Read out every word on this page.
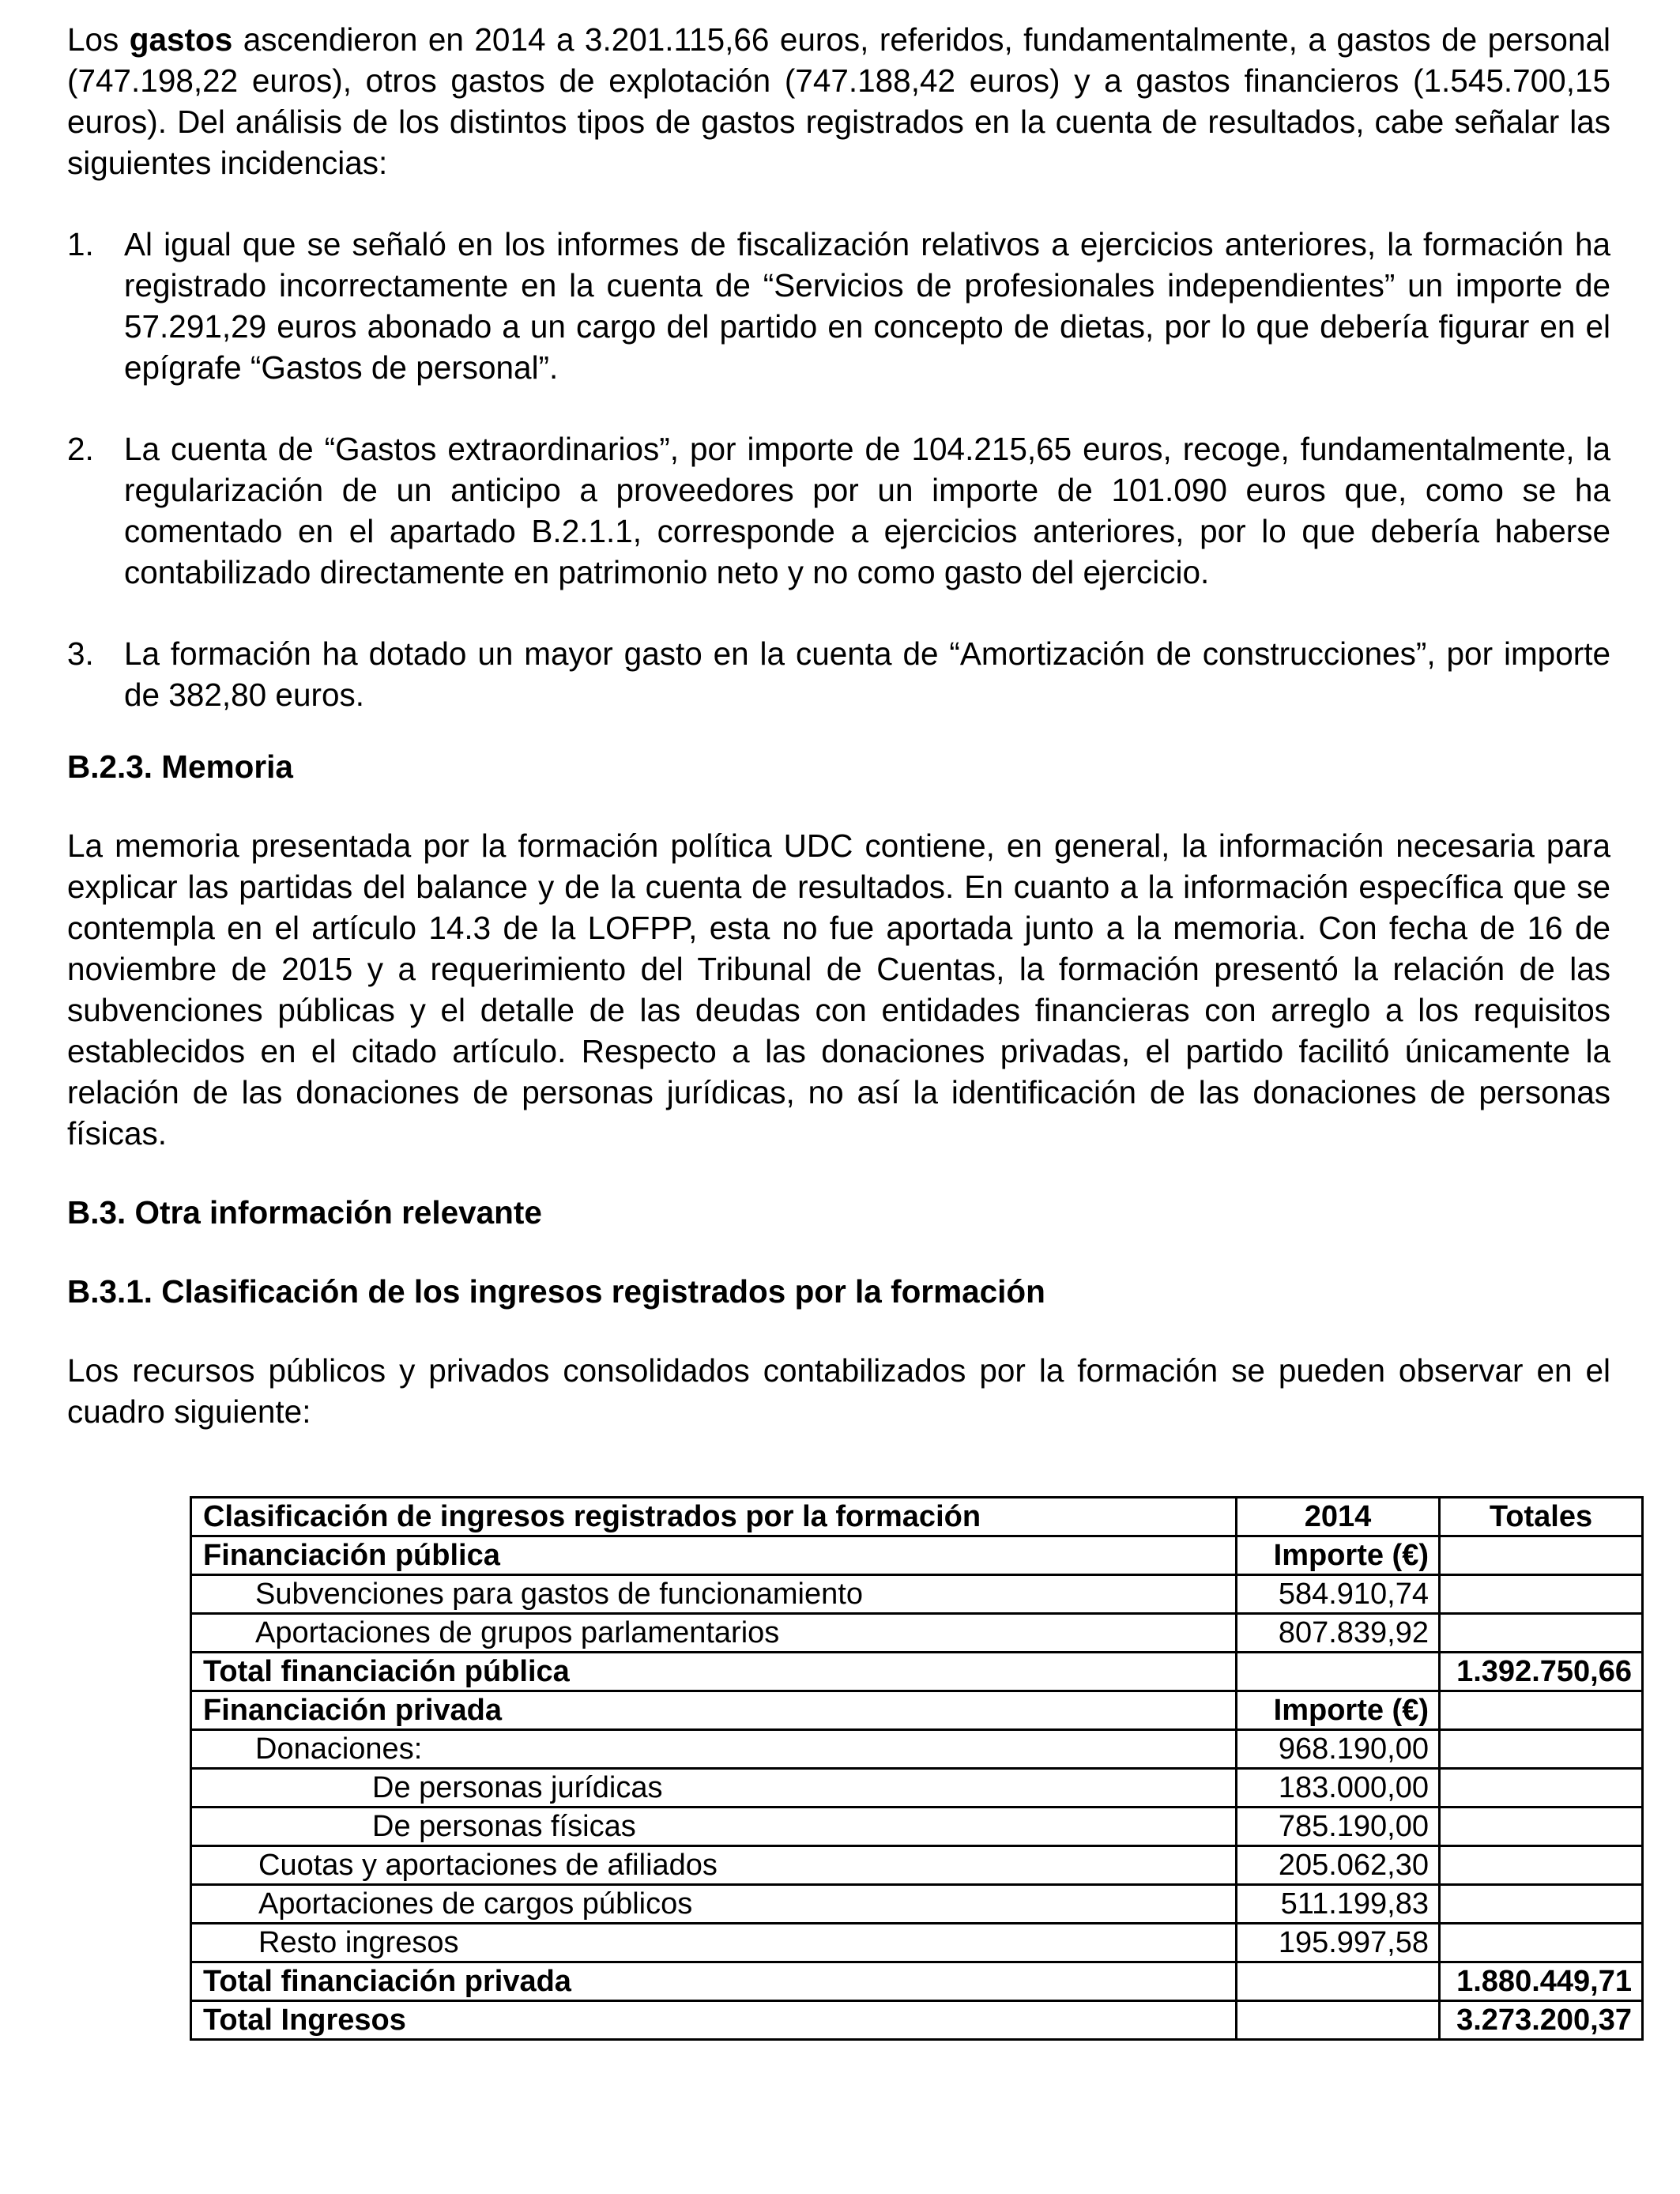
Los gastos ascendieron en 2014 a 3.201.115,66 euros, referidos, fundamentalmente, a gastos de personal (747.198,22 euros), otros gastos de explotación (747.188,42 euros) y a gastos financieros (1.545.700,15 euros). Del análisis de los distintos tipos de gastos registrados en la cuenta de resultados, cabe señalar las siguientes incidencias:

1. Al igual que se señaló en los informes de fiscalización relativos a ejercicios anteriores, la formación ha registrado incorrectamente en la cuenta de “Servicios de profesionales independientes” un importe de 57.291,29 euros abonado a un cargo del partido en concepto de dietas, por lo que debería figurar en el epígrafe “Gastos de personal”.

2. La cuenta de “Gastos extraordinarios”, por importe de 104.215,65 euros, recoge, fundamentalmente, la regularización de un anticipo a proveedores por un importe de 101.090 euros que, como se ha comentado en el apartado B.2.1.1, corresponde a ejercicios anteriores, por lo que debería haberse contabilizado directamente en patrimonio neto y no como gasto del ejercicio.

3. La formación ha dotado un mayor gasto en la cuenta de “Amortización de construcciones”, por importe de 382,80 euros.

B.2.3. Memoria

La memoria presentada por la formación política UDC contiene, en general, la información necesaria para explicar las partidas del balance y de la cuenta de resultados. En cuanto a la información específica que se contempla en el artículo 14.3 de la LOFPP, esta no fue aportada junto a la memoria. Con fecha de 16 de noviembre de 2015 y a requerimiento del Tribunal de Cuentas, la formación presentó la relación de las subvenciones públicas y el detalle de las deudas con entidades financieras con arreglo a los requisitos establecidos en el citado artículo. Respecto a las donaciones privadas, el partido facilitó únicamente la relación de las donaciones de personas jurídicas, no así la identificación de las donaciones de personas físicas.

B.3. Otra información relevante
B.3.1. Clasificación de los ingresos registrados por la formación

Los recursos públicos y privados consolidados contabilizados por la formación se pueden observar en el cuadro siguiente:

Clasificación de ingresos registrados por la formación	2014	Totales
Financiación pública	Importe (€)	
Subvenciones para gastos de funcionamiento	584.910,74	
Aportaciones de grupos parlamentarios	807.839,92	
Total financiación pública		1.392.750,66
Financiación privada	Importe (€)	
Donaciones:	968.190,00	
De personas jurídicas	183.000,00	
De personas físicas	785.190,00	
Cuotas y aportaciones de afiliados	205.062,30	
Aportaciones de cargos públicos	511.199,83	
Resto ingresos	195.997,58	
Total financiación privada		1.880.449,71
Total Ingresos		3.273.200,37
